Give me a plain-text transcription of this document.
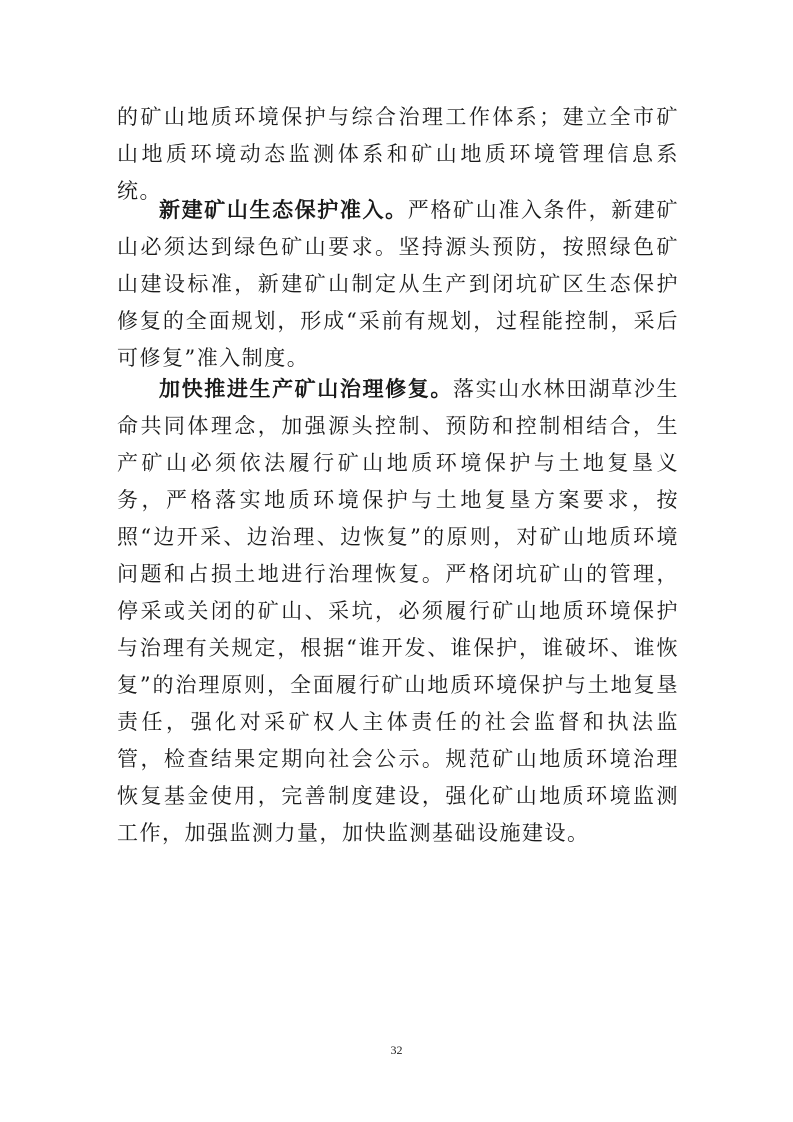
的矿山地质环境保护与综合治理工作体系；建立全市矿山地质环境动态监测体系和矿山地质环境管理信息系统。

新建矿山生态保护准入。严格矿山准入条件，新建矿山必须达到绿色矿山要求。坚持源头预防，按照绿色矿山建设标准，新建矿山制定从生产到闭坑矿区生态保护修复的全面规划，形成“采前有规划，过程能控制，采后可修复”准入制度。

加快推进生产矿山治理修复。落实山水林田湖草沙生命共同体理念，加强源头控制、预防和控制相结合，生产矿山必须依法履行矿山地质环境保护与土地复垦义务，严格落实地质环境保护与土地复垦方案要求，按照“边开采、边治理、边恢复”的原则，对矿山地质环境问题和占损土地进行治理恢复。严格闭坑矿山的管理，停采或关闭的矿山、采坑，必须履行矿山地质环境保护与治理有关规定，根据“谁开发、谁保护，谁破坏、谁恢复”的治理原则，全面履行矿山地质环境保护与土地复垦责任，强化对采矿权人主体责任的社会监督和执法监管，检查结果定期向社会公示。规范矿山地质环境治理恢复基金使用，完善制度建设，强化矿山地质环境监测工作，加强监测力量，加快监测基础设施建设。

32
